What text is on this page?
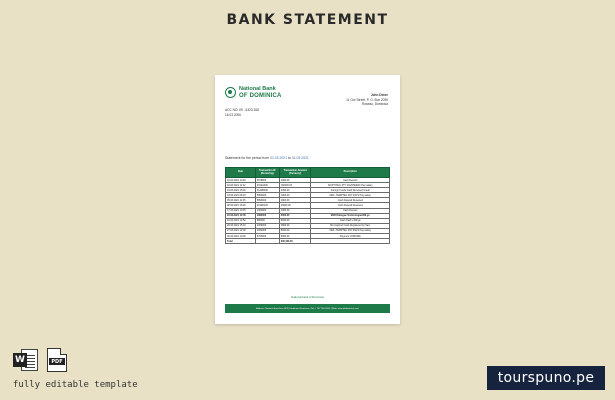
BANK STATEMENT
National Bank
OF DOMINICA	John Dleoe
11 Our Street, P. O. Box 2090
Roseau, Dominica
ACC NO: 09 - 6323 268
16.03.2006
Statement for the period from 01.03.2021 to 31.03.2021
Date	Transaction ID (Receiving)	Transaction Amount (Currency)	Description
02.03.2021 10:20	5678900	1000.00	Cash Deposit
02.03.2021 11:22	2014A000	160000.00	SCIPTYRAL PTY R ENTERAC Pay salary
03.03.2021 15:46	3124B000	2450.00	Foreign Funds Card Received Credit
03.03.2021 09:20	5850000	1000.00	DEF -TEMPTEC PAY PALS Pay salary
05.03.2021 11:45	5890000	2000.00	Cash Deposit Received
08.03.2021 16:45	2010D100	20000.00	Cash Deposit Received
17.03.2021 10:45	1000000	1000.00	Cash Deposit
22.03.2021 12:00	1982000	3000.00	MJD Dialogue Technologies/Bil.gs
22.03.2021 12:52	980000	8040.00	Cash Paid to Bill.gs
26.03.2021 15:10	1000000	2800.00	Mr Inspirred Cash Registered by Sam
27.03.2021 12:00	1062000	8040.00	DEF -TEMPTEC PAY PALS Pay salary
30.03.2021 10:00	6700000	5000.00	Payment of Bill Bills
Total		330,400.00	
National bank of Dominica
Address: National bank bus 4478, Ferdinand Dominica | Tel: + 767 256 6000 | Web: www.nbdominica.com
W	PDF
fully editable template	tourspuno.pe
